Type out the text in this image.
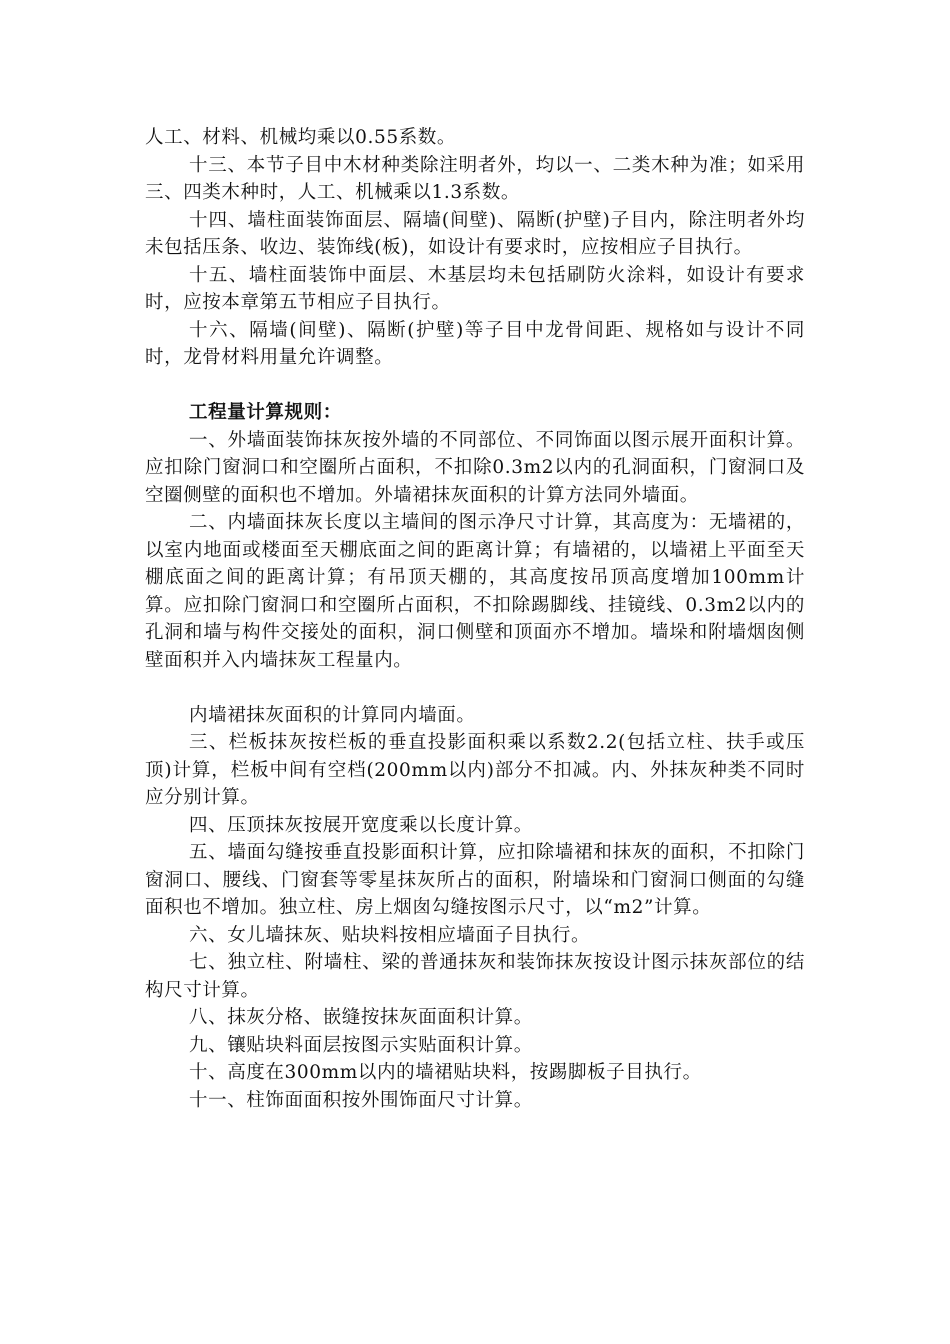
人工、材料、机械均乘以0.55系数。

十三、本节子目中木材种类除注明者外，均以一、二类木种为准；如采用三、四类木种时，人工、机械乘以1.3系数。

十四、墙柱面装饰面层、隔墙(间壁)、隔断(护壁)子目内，除注明者外均未包括压条、收边、装饰线(板)，如设计有要求时，应按相应子目执行。

十五、墙柱面装饰中面层、木基层均未包括刷防火涂料，如设计有要求时，应按本章第五节相应子目执行。

十六、隔墙(间壁)、隔断(护壁)等子目中龙骨间距、规格如与设计不同时，龙骨材料用量允许调整。

工程量计算规则：

一、外墙面装饰抹灰按外墙的不同部位、不同饰面以图示展开面积计算。应扣除门窗洞口和空圈所占面积，不扣除0.3m2以内的孔洞面积，门窗洞口及空圈侧壁的面积也不增加。外墙裙抹灰面积的计算方法同外墙面。

二、内墙面抹灰长度以主墙间的图示净尺寸计算，其高度为：无墙裙的，以室内地面或楼面至天棚底面之间的距离计算；有墙裙的，以墙裙上平面至天棚底面之间的距离计算；有吊顶天棚的，其高度按吊顶高度增加100mm计算。应扣除门窗洞口和空圈所占面积，不扣除踢脚线、挂镜线、0.3m2以内的孔洞和墙与构件交接处的面积，洞口侧壁和顶面亦不增加。墙垛和附墙烟囱侧壁面积并入内墙抹灰工程量内。

内墙裙抹灰面积的计算同内墙面。

三、栏板抹灰按栏板的垂直投影面积乘以系数2.2(包括立柱、扶手或压顶)计算，栏板中间有空档(200mm以内)部分不扣减。内、外抹灰种类不同时应分别计算。

四、压顶抹灰按展开宽度乘以长度计算。

五、墙面勾缝按垂直投影面积计算，应扣除墙裙和抹灰的面积，不扣除门窗洞口、腰线、门窗套等零星抹灰所占的面积，附墙垛和门窗洞口侧面的勾缝面积也不增加。独立柱、房上烟囱勾缝按图示尺寸，以“m2”计算。

六、女儿墙抹灰、贴块料按相应墙面子目执行。

七、独立柱、附墙柱、梁的普通抹灰和装饰抹灰按设计图示抹灰部位的结构尺寸计算。

八、抹灰分格、嵌缝按抹灰面面积计算。

九、镶贴块料面层按图示实贴面积计算。

十、高度在300mm以内的墙裙贴块料，按踢脚板子目执行。

十一、柱饰面面积按外围饰面尺寸计算。
